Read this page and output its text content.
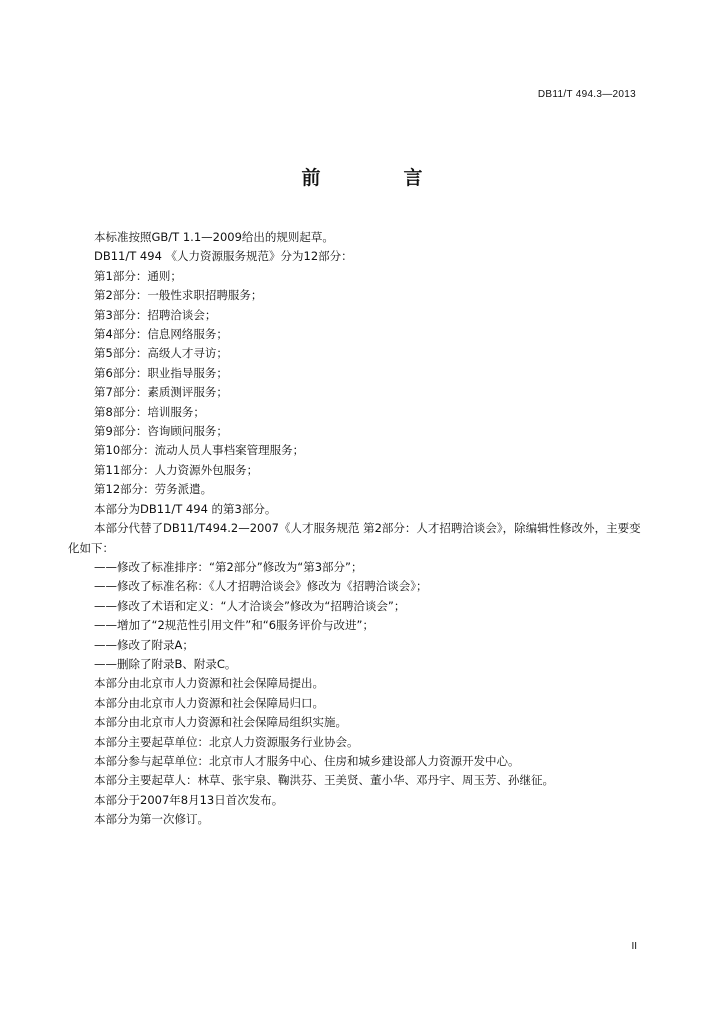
DB11/T 494.3—2013
前　言
本标准按照GB/T 1.1—2009给出的规则起草。
DB11/T 494 《人力资源服务规范》分为12部分：
第1部分：通则；
第2部分：一般性求职招聘服务；
第3部分：招聘洽谈会；
第4部分：信息网络服务；
第5部分：高级人才寻访；
第6部分：职业指导服务；
第7部分：素质测评服务；
第8部分：培训服务；
第9部分：咨询顾问服务；
第10部分：流动人员人事档案管理服务；
第11部分：人力资源外包服务；
第12部分：劳务派遣。
本部分为DB11/T 494 的第3部分。
本部分代替了DB11/T494.2—2007《人才服务规范 第2部分：人才招聘洽谈会》，除编辑性修改外，主要变化如下：
——修改了标准排序：“第2部分”修改为“第3部分”；
——修改了标准名称：《人才招聘洽谈会》修改为《招聘洽谈会》；
——修改了术语和定义：“人才洽谈会”修改为“招聘洽谈会”；
——增加了“2规范性引用文件”和“6服务评价与改进”；
——修改了附录A；
——删除了附录B、附录C。
本部分由北京市人力资源和社会保障局提出。
本部分由北京市人力资源和社会保障局归口。
本部分由北京市人力资源和社会保障局组织实施。
本部分主要起草单位：北京人力资源服务行业协会。
本部分参与起草单位：北京市人才服务中心、住房和城乡建设部人力资源开发中心。
本部分主要起草人：林草、张宇泉、鞠洪芬、王美贤、董小华、邓丹宇、周玉芳、孙继征。
本部分于2007年8月13日首次发布。
本部分为第一次修订。
II
